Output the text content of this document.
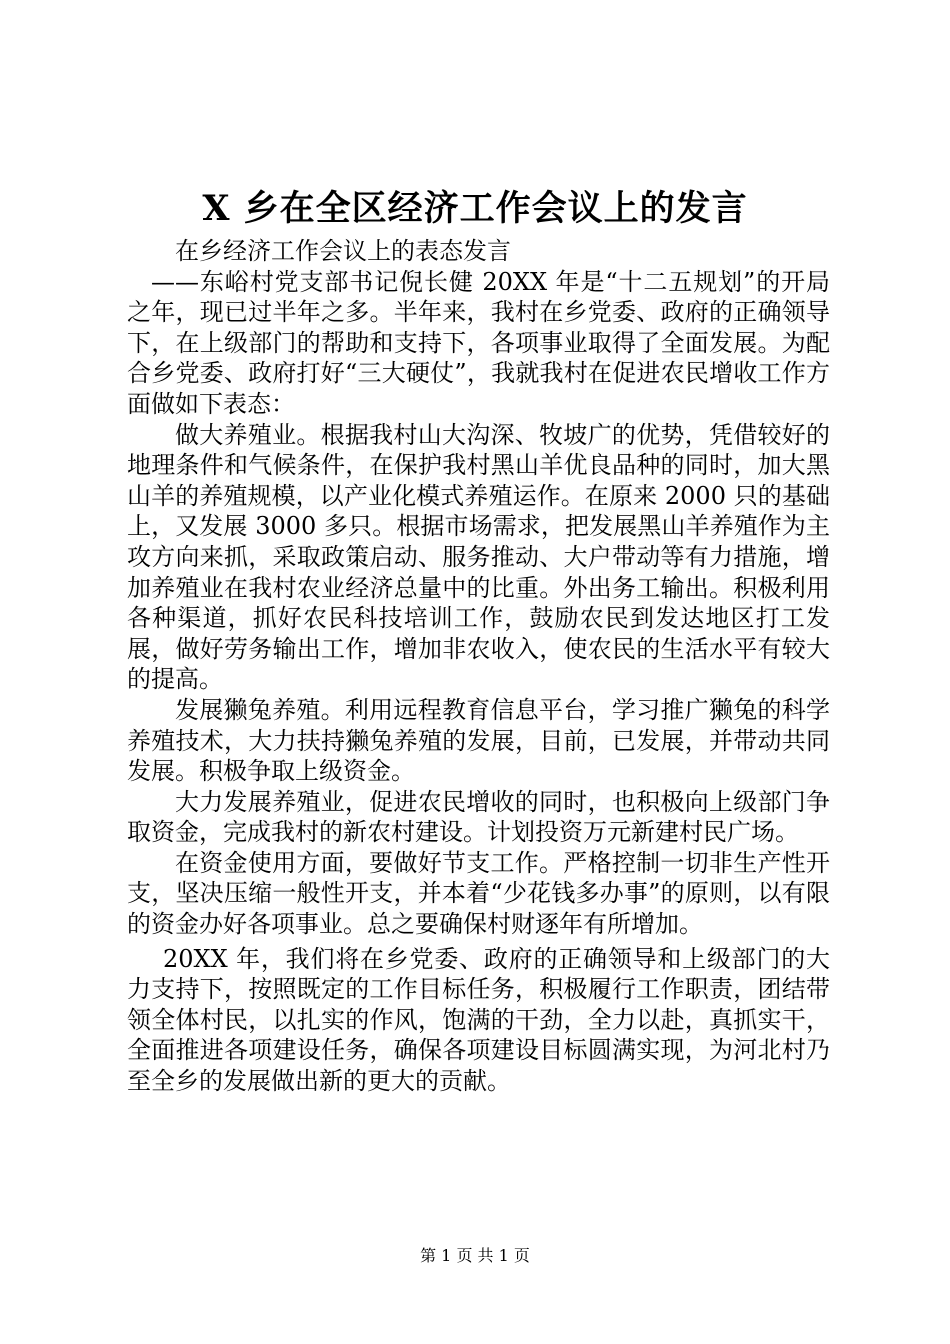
X 乡在全区经济工作会议上的发言

在乡经济工作会议上的表态发言

——东峪村党支部书记倪长健 20XX 年是“十二五规划”的开局之年，现已过半年之多。半年来，我村在乡党委、政府的正确领导下，在上级部门的帮助和支持下，各项事业取得了全面发展。为配合乡党委、政府打好“三大硬仗”，我就我村在促进农民增收工作方面做如下表态：

做大养殖业。根据我村山大沟深、牧坡广的优势，凭借较好的地理条件和气候条件，在保护我村黑山羊优良品种的同时，加大黑山羊的养殖规模，以产业化模式养殖运作。在原来 2000 只的基础上，又发展 3000 多只。根据市场需求，把发展黑山羊养殖作为主攻方向来抓，采取政策启动、服务推动、大户带动等有力措施，增加养殖业在我村农业经济总量中的比重。外出务工输出。积极利用各种渠道，抓好农民科技培训工作，鼓励农民到发达地区打工发展，做好劳务输出工作，增加非农收入，使农民的生活水平有较大的提高。

发展獭兔养殖。利用远程教育信息平台，学习推广獭兔的科学养殖技术，大力扶持獭兔养殖的发展，目前，已发展，并带动共同发展。积极争取上级资金。

大力发展养殖业，促进农民增收的同时，也积极向上级部门争取资金，完成我村的新农村建设。计划投资万元新建村民广场。

在资金使用方面，要做好节支工作。严格控制一切非生产性开支，坚决压缩一般性开支，并本着“少花钱多办事”的原则，以有限的资金办好各项事业。总之要确保村财逐年有所增加。

20XX 年，我们将在乡党委、政府的正确领导和上级部门的大力支持下，按照既定的工作目标任务，积极履行工作职责，团结带领全体村民，以扎实的作风，饱满的干劲，全力以赴，真抓实干，全面推进各项建设任务，确保各项建设目标圆满实现，为河北村乃至全乡的发展做出新的更大的贡献。

第 1 页 共 1 页
